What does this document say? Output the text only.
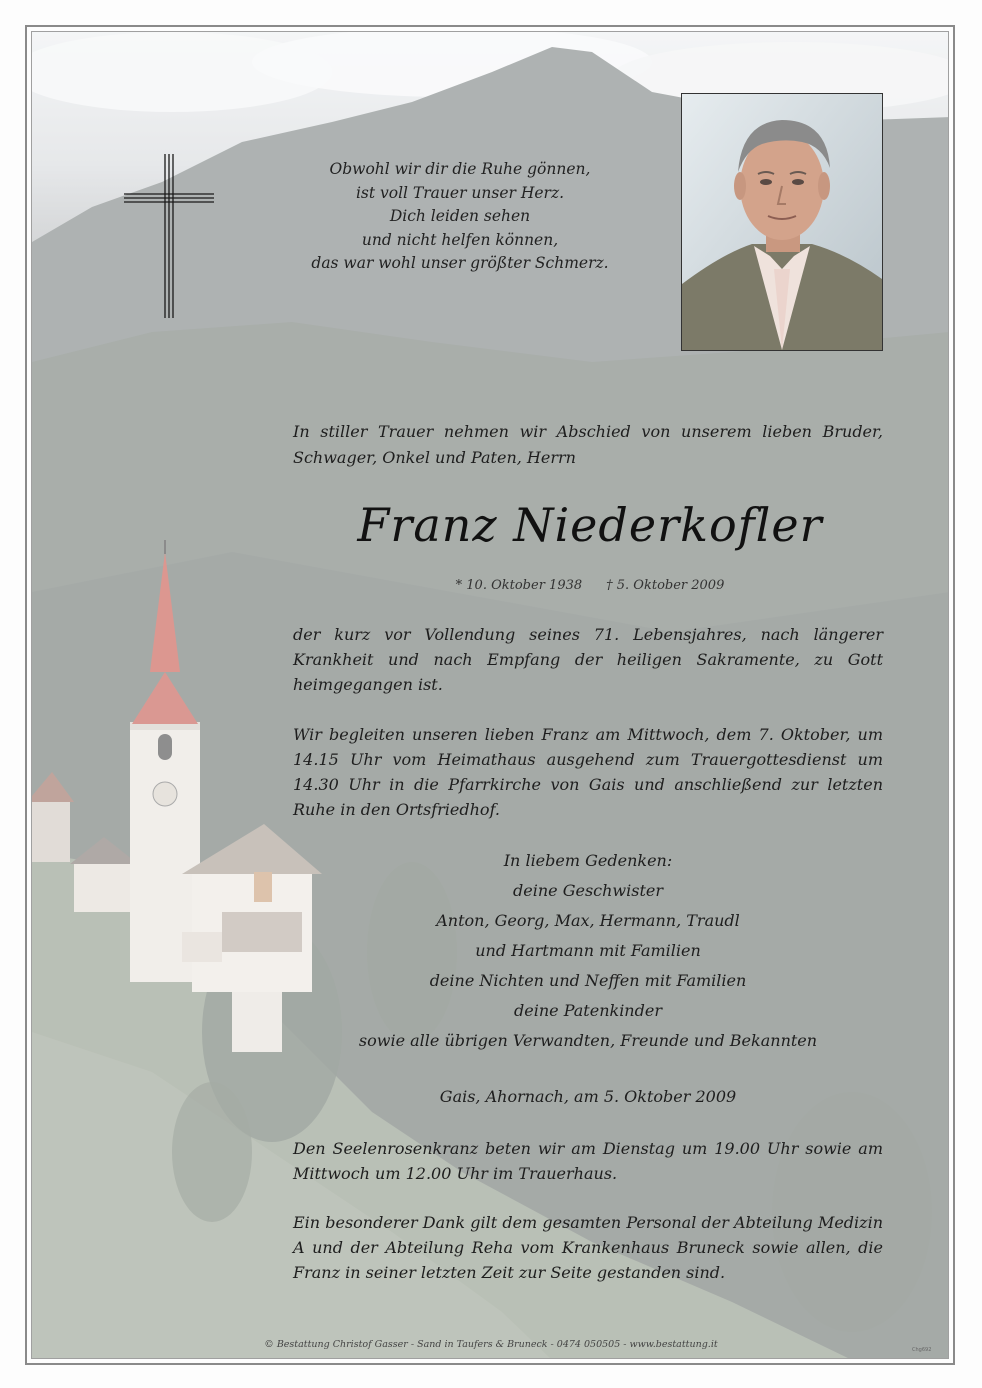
Obwohl wir dir die Ruhe gönnen,
ist voll Trauer unser Herz.
Dich leiden sehen
und nicht helfen können,
das war wohl unser größter Schmerz.
In stiller Trauer nehmen wir Abschied von unserem lieben Bruder, Schwager, Onkel und Paten, Herrn
Franz Niederkofler
* 10. Oktober 1938 † 5. Oktober 2009
der kurz vor Vollendung seines 71. Lebensjahres, nach längerer Krankheit und nach Empfang der heiligen Sakramente, zu Gott heimgegangen ist.
Wir begleiten unseren lieben Franz am Mittwoch, dem 7. Oktober, um 14.15 Uhr vom Heimathaus ausgehend zum Trauergottesdienst um 14.30 Uhr in die Pfarrkirche von Gais und anschließend zur letzten Ruhe in den Ortsfriedhof.
In liebem Gedenken:
deine Geschwister
Anton, Georg, Max, Hermann, Traudl
und Hartmann mit Familien
deine Nichten und Neffen mit Familien
deine Patenkinder
sowie alle übrigen Verwandten, Freunde und Bekannten
Gais, Ahornach, am 5. Oktober 2009
Den Seelenrosenkranz beten wir am Dienstag um 19.00 Uhr sowie am Mittwoch um 12.00 Uhr im Trauerhaus.
Ein besonderer Dank gilt dem gesamten Personal der Abteilung Medizin A und der Abteilung Reha vom Krankenhaus Bruneck sowie allen, die Franz in seiner letzten Zeit zur Seite gestanden sind.
© Bestattung Christof Gasser - Sand in Taufers & Bruneck - 0474 050505 - www.bestattung.it	Chg692
